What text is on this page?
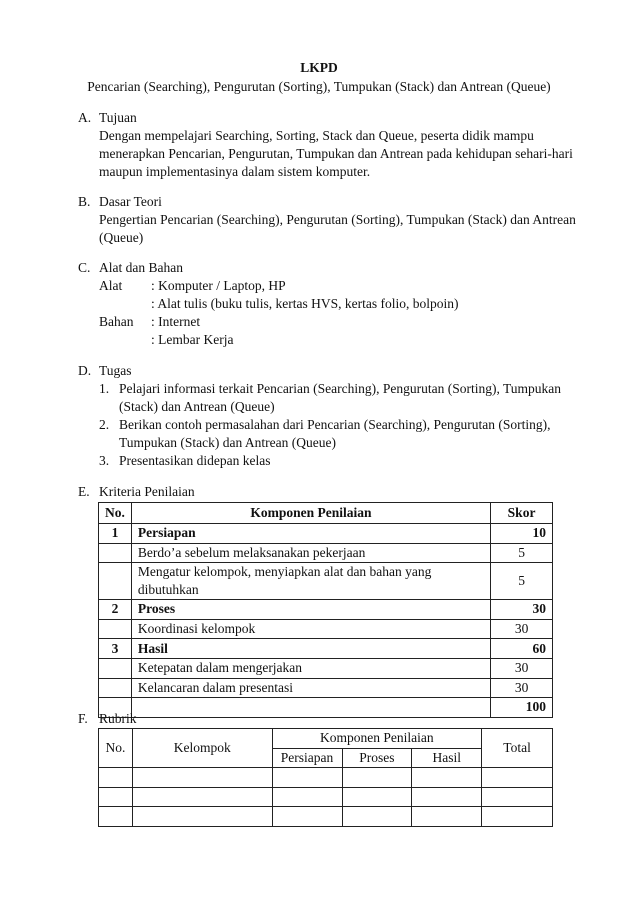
LKPD
Pencarian (Searching), Pengurutan (Sorting), Tumpukan (Stack) dan Antrean (Queue)
A. Tujuan
Dengan mempelajari Searching, Sorting, Stack dan Queue, peserta didik mampu
menerapkan Pencarian, Pengurutan, Tumpukan dan Antrean pada kehidupan sehari-hari
maupun implementasinya dalam sistem komputer.
B. Dasar Teori
Pengertian Pencarian (Searching), Pengurutan (Sorting), Tumpukan (Stack) dan Antrean
(Queue)
C. Alat dan Bahan
Alat : Komputer / Laptop, HP
: Alat tulis (buku tulis, kertas HVS, kertas folio, bolpoin)
Bahan : Internet
: Lembar Kerja
D. Tugas
1. Pelajari informasi terkait Pencarian (Searching), Pengurutan (Sorting), Tumpukan
(Stack) dan Antrean (Queue)
2. Berikan contoh permasalahan dari Pencarian (Searching), Pengurutan (Sorting),
Tumpukan (Stack) dan Antrean (Queue)
3. Presentasikan didepan kelas
E. Kriteria Penilaian
No.	Komponen Penilaian	Skor
1	Persiapan	10
	Berdo’a sebelum melaksanakan pekerjaan	5
	Mengatur kelompok, menyiapkan alat dan bahan yang dibutuhkan	5
2	Proses	30
	Koordinasi kelompok	30
3	Hasil	60
	Ketepatan dalam mengerjakan	30
	Kelancaran dalam presentasi	30
		100
F. Rubrik
No.	Kelompok	Komponen Penilaian			Total
		Persiapan	Proses	Hasil	
